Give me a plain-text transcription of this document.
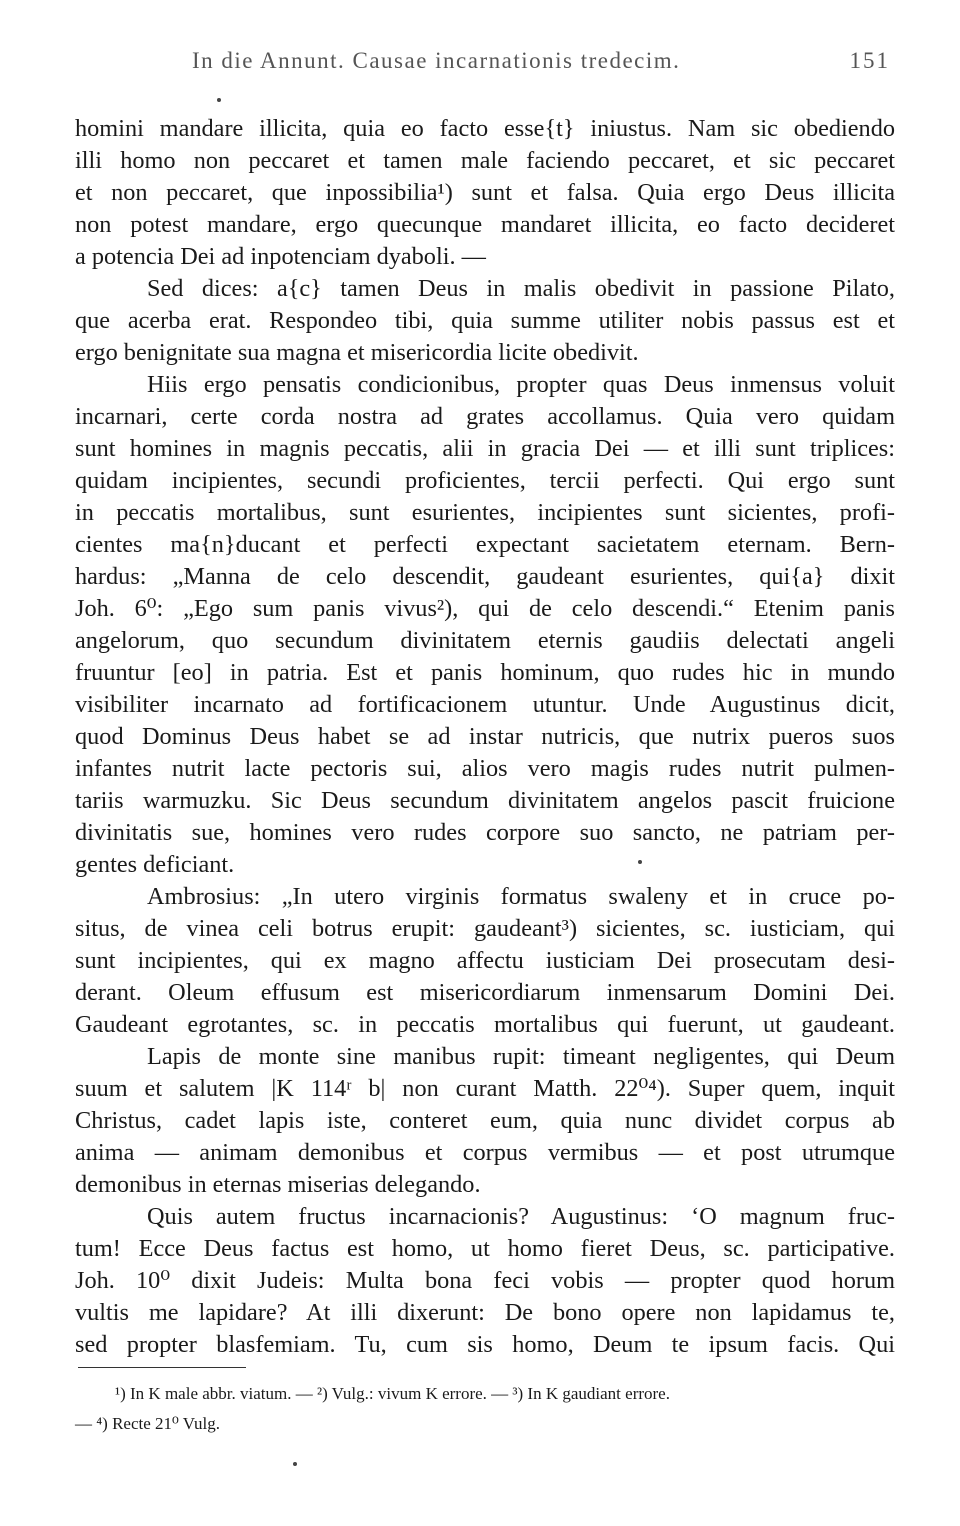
In die Annunt. Causae incarnationis tredecim.	151
homini mandare illicita, quia eo facto esse{t} iniustus. Nam sic obediendo
illi homo non peccaret et tamen male faciendo peccaret, et sic peccaret
et non peccaret, que inpossibilia¹) sunt et falsa. Quia ergo Deus illicita
non potest mandare, ergo quecunque mandaret illicita, eo facto decideret
a potencia Dei ad inpotenciam dyaboli. —
Sed dices: a{c} tamen Deus in malis obedivit in passione Pilato,
que acerba erat. Respondeo tibi, quia summe utiliter nobis passus est et
ergo benignitate sua magna et misericordia licite obedivit.
Hiis ergo pensatis condicionibus, propter quas Deus inmensus voluit
incarnari, certe corda nostra ad grates accollamus. Quia vero quidam
sunt homines in magnis peccatis, alii in gracia Dei — et illi sunt triplices:
quidam incipientes, secundi proficientes, tercii perfecti. Qui ergo sunt
in peccatis mortalibus, sunt esurientes, incipientes sunt sicientes, profi-
cientes ma{n}ducant et perfecti expectant sacietatem eternam. Bern-
hardus: „Manna de celo descendit, gaudeant esurientes, qui{a} dixit
Joh. 6⁰: „Ego sum panis vivus²), qui de celo descendi.“ Etenim panis
angelorum, quo secundum divinitatem eternis gaudiis delectati angeli
fruuntur [eo] in patria. Est et panis hominum, quo rudes hic in mundo
visibiliter incarnato ad fortificacionem utuntur. Unde Augustinus dicit,
quod Dominus Deus habet se ad instar nutricis, que nutrix pueros suos
infantes nutrit lacte pectoris sui, alios vero magis rudes nutrit pulmen-
tariis warmuzku. Sic Deus secundum divinitatem angelos pascit fruicione
divinitatis sue, homines vero rudes corpore suo sancto, ne patriam per-
gentes deficiant.
Ambrosius: „In utero virginis formatus swaleny et in cruce po-
situs, de vinea celi botrus erupit: gaudeant³) sicientes, sc. iusticiam, qui
sunt incipientes, qui ex magno affectu iusticiam Dei prosecutam desi-
derant. Oleum effusum est misericordiarum inmensarum Domini Dei.
Gaudeant egrotantes, sc. in peccatis mortalibus qui fuerunt, ut gaudeant.
Lapis de monte sine manibus rupit: timeant negligentes, qui Deum
suum et salutem |K 114ʳ b| non curant Matth. 22⁰⁴). Super quem, inquit
Christus, cadet lapis iste, conteret eum, quia nunc dividet corpus ab
anima — animam demonibus et corpus vermibus — et post utrumque
demonibus in eternas miserias delegando.
Quis autem fructus incarnacionis? Augustinus: ‘O magnum fruc-
tum! Ecce Deus factus est homo, ut homo fieret Deus, sc. participative.
Joh. 10⁰ dixit Judeis: Multa bona feci vobis — propter quod horum
vultis me lapidare? At illi dixerunt: De bono opere non lapidamus te,
sed propter blasfemiam. Tu, cum sis homo, Deum te ipsum facis. Qui
¹) In K male abbr. viatum. — ²) Vulg.: vivum K errore. — ³) In K gaudiant errore.
— ⁴) Recte 21⁰ Vulg.
